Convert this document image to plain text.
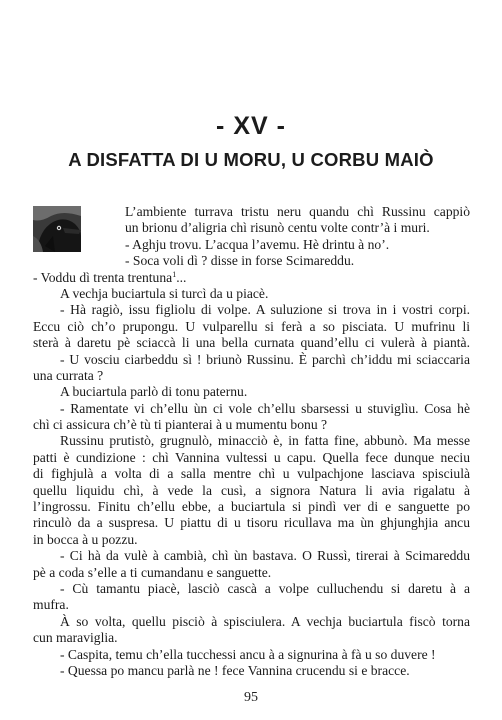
- XV -
A DISFATTA DI U MORU, U CORBU MAIÒ
L’ambiente turrava tristu neru quandu chì Russinu cappiò
un brionu d’aligria chì risunò centu volte contr’à i muri.
- Aghju trovu. L’acqua l’avemu. Hè drintu à no’.
- Soca voli dì ? disse in forse Scimareddu.
- Voddu dì trenta trentuna$^1$...
A vechja buciartula si turcì da u piacè.
- Hà ragiò, issu figliolu di volpe. A suluzione si trova in i vostri corpi.
Eccu ciò ch’o prupongu. U vulparellu si ferà a so pisciata. U mufrinu li
sterà à daretu pè sciaccà li una bella curnata quand’ellu ci vulerà à piantà.
- U vosciu ciarbeddu sì ! briunò Russinu. È parchì ch’iddu mi sciaccaria
una currata ?
A buciartula parlò di tonu paternu.
- Ramentate vi ch’ellu ùn ci vole ch’ellu sbarsessi u stuviglìu. Cosa hè
chì ci assicura ch’è tù ti pianterai à u mumentu bonu ?
Russinu prutistò, grugnulò, minacciò è, in fatta fine, abbunò. Ma messe
patti è cundizione : chì Vannina vultessi u capu. Quella fece dunque neciu
di fighjulà a volta di a salla mentre chì u vulpachjone lasciava spisciulà
quellu liquidu chì, à vede la cusì, a signora Natura li avia rigalatu à
l’ingrossu. Finitu ch’ellu ebbe, a buciartula si pindì ver di e sanguette po
rinculò da a suspresa. U piattu di u tisoru ricullava ma ùn ghjunghjia ancu
in bocca à u pozzu.
- Ci hà da vulè à cambià, chì ùn bastava. O Russì, tirerai à Scimareddu
pè a coda s’elle a ti cumandanu e sanguette.
- Cù tamantu piacè, lasciò cascà a volpe culluchendu si daretu à a
mufra.
À so volta, quellu pisciò à spisciulera. A vechja buciartula fiscò torna
cun maraviglia.
- Caspita, temu ch’ella tucchessi ancu à a signurina à fà u so duvere !
- Quessa po mancu parlà ne ! fece Vannina crucendu si e bracce.
95
